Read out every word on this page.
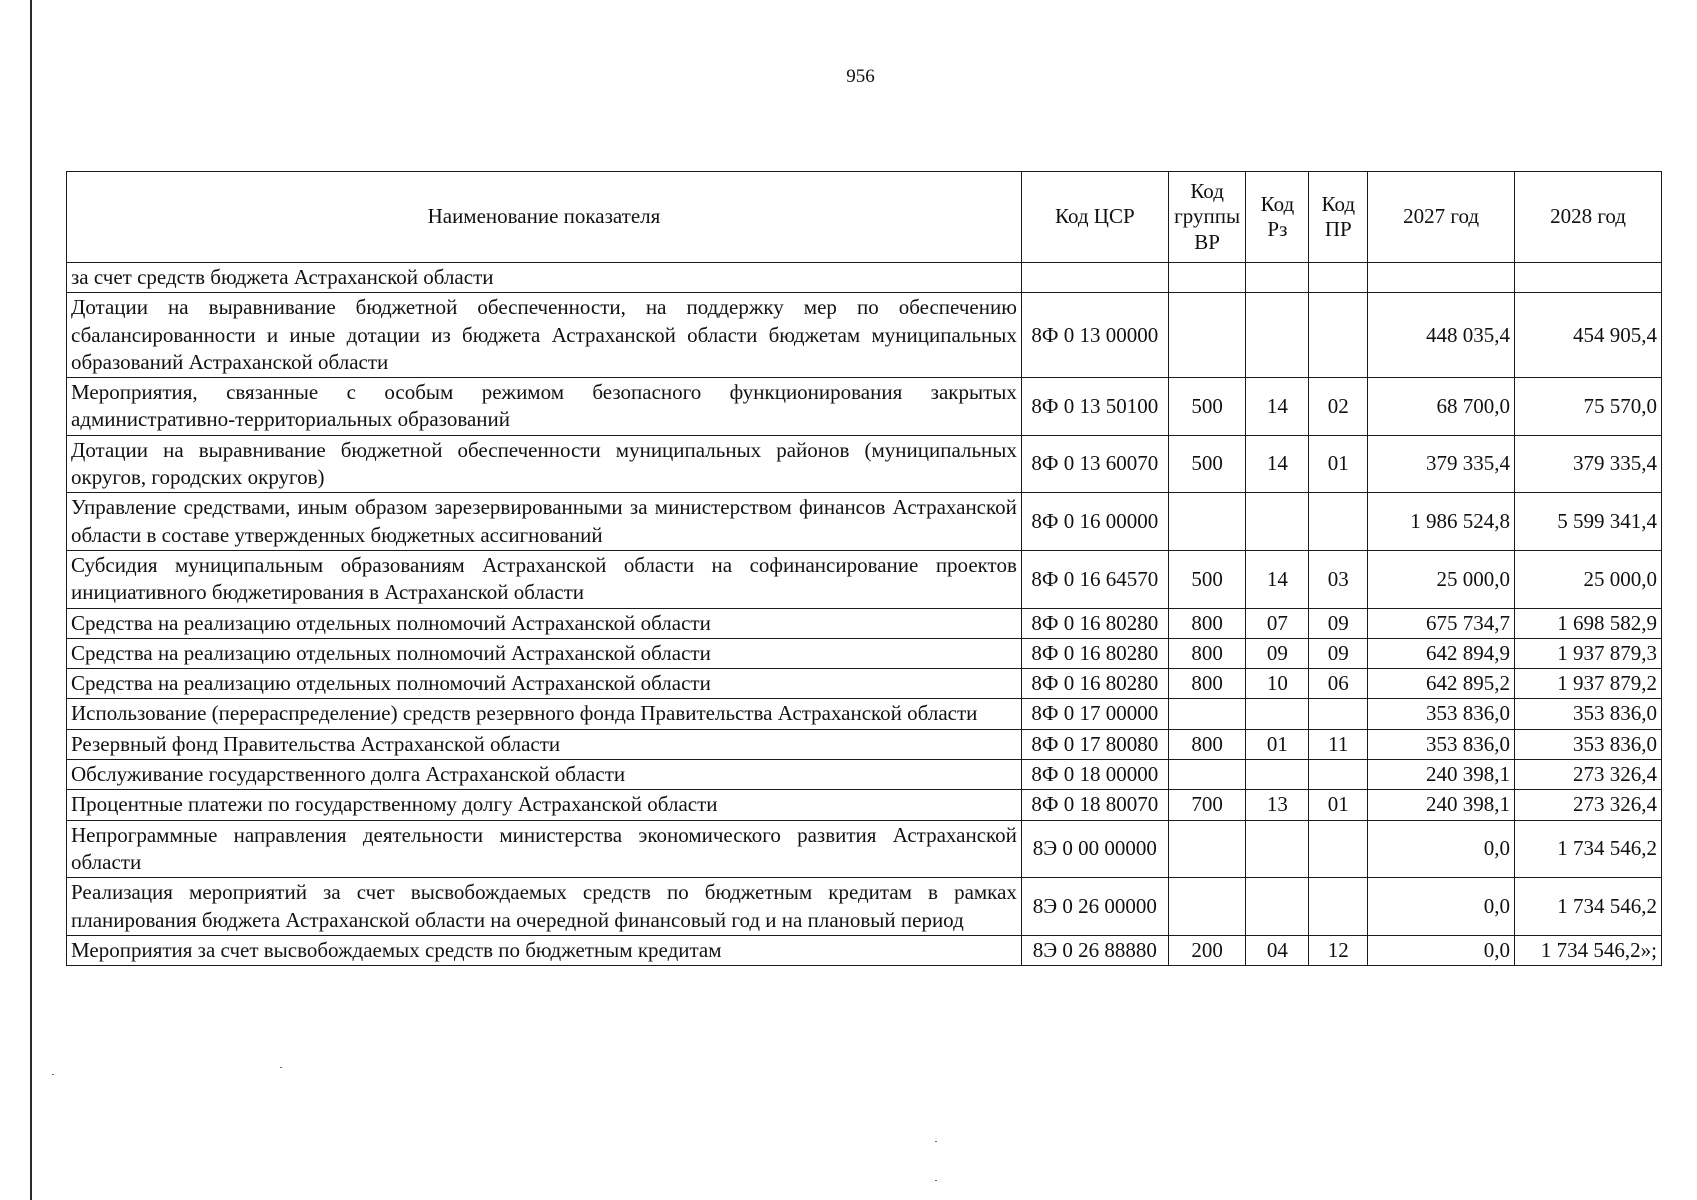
956
Наименование показателя	Код ЦСР	Код группы ВР	Код Рз	Код ПР	2027 год	2028 год
за счет средств бюджета Астраханской области						
Дотации на выравнивание бюджетной обеспеченности, на поддержку мер по обеспечению сбалансированности и иные дотации из бюджета Астраханской области бюджетам муниципальных образований Астраханской области	8Ф 0 13 00000				448 035,4	454 905,4
Мероприятия, связанные с особым режимом безопасного функционирования закрытых административно-территориальных образований	8Ф 0 13 50100	500	14	02	68 700,0	75 570,0
Дотации на выравнивание бюджетной обеспеченности муниципальных районов (муниципальных округов, городских округов)	8Ф 0 13 60070	500	14	01	379 335,4	379 335,4
Управление средствами, иным образом зарезервированными за министерством финансов Астраханской области в составе утвержденных бюджетных ассигнований	8Ф 0 16 00000				1 986 524,8	5 599 341,4
Субсидия муниципальным образованиям Астраханской области на софинансирование проектов инициативного бюджетирования в Астраханской области	8Ф 0 16 64570	500	14	03	25 000,0	25 000,0
Средства на реализацию отдельных полномочий Астраханской области	8Ф 0 16 80280	800	07	09	675 734,7	1 698 582,9
Средства на реализацию отдельных полномочий Астраханской области	8Ф 0 16 80280	800	09	09	642 894,9	1 937 879,3
Средства на реализацию отдельных полномочий Астраханской области	8Ф 0 16 80280	800	10	06	642 895,2	1 937 879,2
Использование (перераспределение) средств резервного фонда Правительства Астраханской области	8Ф 0 17 00000				353 836,0	353 836,0
Резервный фонд Правительства Астраханской области	8Ф 0 17 80080	800	01	11	353 836,0	353 836,0
Обслуживание государственного долга Астраханской области	8Ф 0 18 00000				240 398,1	273 326,4
Процентные платежи по государственному долгу Астраханской области	8Ф 0 18 80070	700	13	01	240 398,1	273 326,4
Непрограммные направления деятельности министерства экономического развития Астраханской области	8Э 0 00 00000				0,0	1 734 546,2
Реализация мероприятий за счет высвобождаемых средств по бюджетным кредитам в рамках планирования бюджета Астраханской области на очередной финансовый год и на плановый период	8Э 0 26 00000				0,0	1 734 546,2
Мероприятия за счет высвобождаемых средств по бюджетным кредитам	8Э 0 26 88880	200	04	12	0,0	1 734 546,2»;
